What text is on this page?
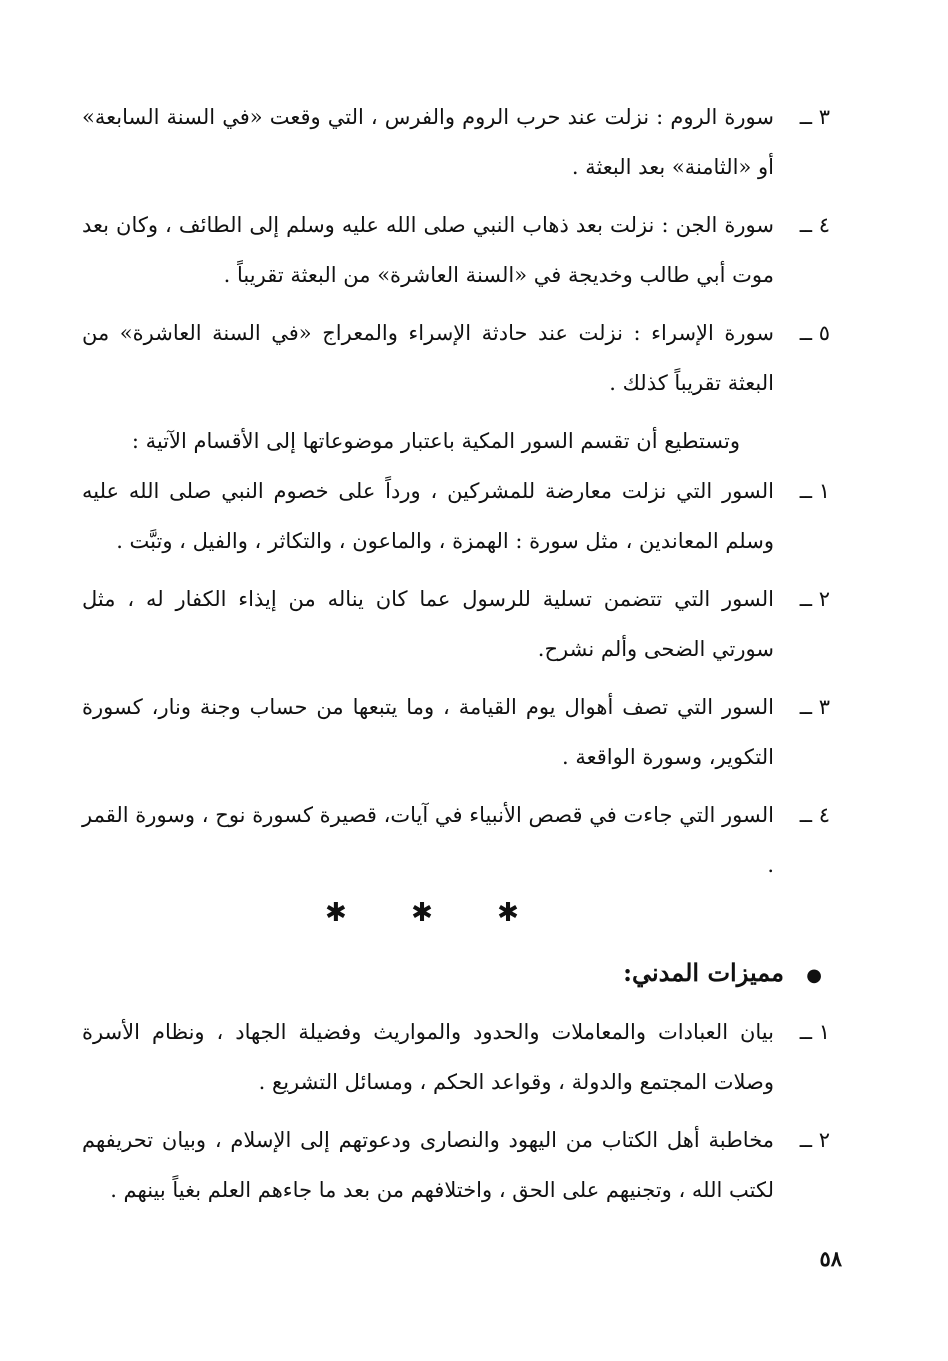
٣ ــ
سورة الروم : نزلت عند حرب الروم والفرس ، التي وقعت «في السنة السابعة» أو «الثامنة» بعد البعثة .
٤ ــ
سورة الجن : نزلت بعد ذهاب النبي صلى الله عليه وسلم إلى الطائف ، وكان بعد موت أبي طالب وخديجة في «السنة العاشرة» من البعثة تقريباً .
٥ ــ
سورة الإسراء : نزلت عند حادثة الإسراء والمعراج «في السنة العاشرة» من البعثة تقريباً كذلك .

وتستطيع أن تقسم السور المكية باعتبار موضوعاتها إلى الأقسام الآتية :

١ ــ
السور التي نزلت معارضة للمشركين ، ورداً على خصوم النبي صلى الله عليه وسلم المعاندين ، مثل سورة : الهمزة ، والماعون ، والتكاثر ، والفيل ، وتبَّت .
٢ ــ
السور التي تتضمن تسلية للرسول عما كان يناله من إيذاء الكفار له ، مثل سورتي الضحى وألم نشرح.
٣ ــ
السور التي تصف أهوال يوم القيامة ، وما يتبعها من حساب وجنة ونار، كسورة التكوير، وسورة الواقعة .
٤ ــ
السور التي جاءت في قصص الأنبياء في آيات، قصيرة كسورة نوح ، وسورة القمر .
✱ ✱ ✱
● مميزات المدني:
١ ــ
بيان العبادات والمعاملات والحدود والمواريث وفضيلة الجهاد ، ونظام الأسرة وصلات المجتمع والدولة ، وقواعد الحكم ، ومسائل التشريع .
٢ ــ
مخاطبة أهل الكتاب من اليهود والنصارى ودعوتهم إلى الإسلام ، وبيان تحريفهم لكتب الله ، وتجنيهم على الحق ، واختلافهم من بعد ما جاءهم العلم بغياً بينهم .
٥٨
